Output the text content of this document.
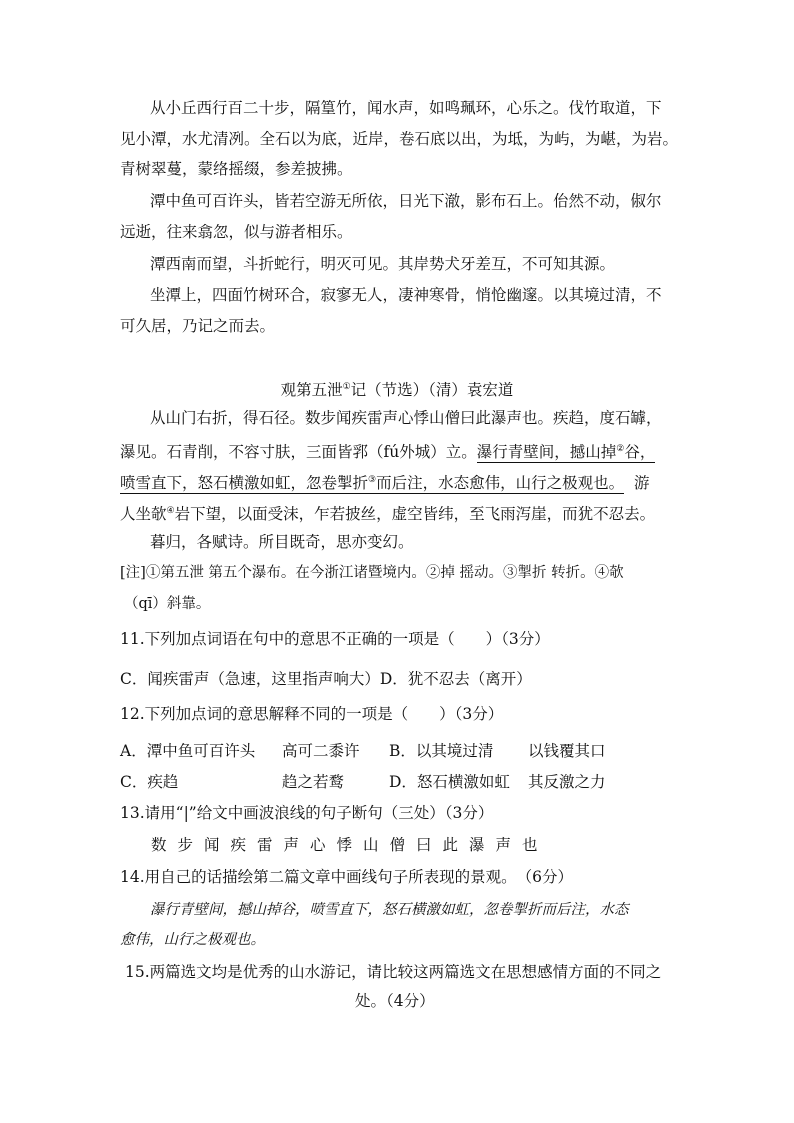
从小丘西行百二十步，隔篁竹，闻水声，如鸣珮环，心乐之。伐竹取道，下
见小潭，水尤清冽。全石以为底，近岸，卷石底以出，为坻，为屿，为嵁，为岩。
青树翠蔓，蒙络摇缀，参差披拂。
潭中鱼可百许头，皆若空游无所依，日光下澈，影布石上。佁然不动，俶尔
远逝，往来翕忽，似与游者相乐。
潭西南而望，斗折蛇行，明灭可见。其岸势犬牙差互，不可知其源。
坐潭上，四面竹树环合，寂寥无人，凄神寒骨，悄怆幽邃。以其境过清，不
可久居，乃记之而去。
观第五泄①记（节选）（清）袁宏道
从山门右折，得石径。数步闻疾雷声心悸山僧曰此瀑声也。疾趋，度石罅，
瀑见。石青削，不容寸肤，三面皆郛（fú外城）立。瀑行青壁间，撼山掉②谷，
喷雪直下，怒石横激如虹，忽卷掣折③而后注，水态愈伟，山行之极观也。  游
人坐欹④岩下望，以面受沫，乍若披丝，虚空皆纬，至飞雨泻崖，而犹不忍去。
暮归，各赋诗。所目既奇，思亦变幻。
[注]①第五泄 第五个瀑布。在今浙江诸暨境内。②掉 摇动。③掣折 转折。④欹
（qī）斜靠。
11.下列加点词语在句中的意思不正确的一项是（　　）（3分）
C．闻疾雷声（急速，这里指声响大）D．犹不忍去（离开）
12.下列加点词的意思解释不同的一项是（　　）（3分）
A．潭中鱼可百许头 高可二黍许 B．以其境过清 以钱覆其口
C．疾趋	趋之若鹜	D．怒石横激如虹 其反激之力
13.请用“|”给文中画波浪线的句子断句（三处）（3分）
数步闻疾雷声心悸山僧曰此瀑声也
14.用自己的话描绘第二篇文章中画线句子所表现的景观。　（6分）
瀑行青壁间，撼山掉谷，喷雪直下，怒石横激如虹，忽卷掣折而后注，水态
愈伟，山行之极观也。
15.两篇选文均是优秀的山水游记，请比较这两篇选文在思想感情方面的不同之
处。（4分）
